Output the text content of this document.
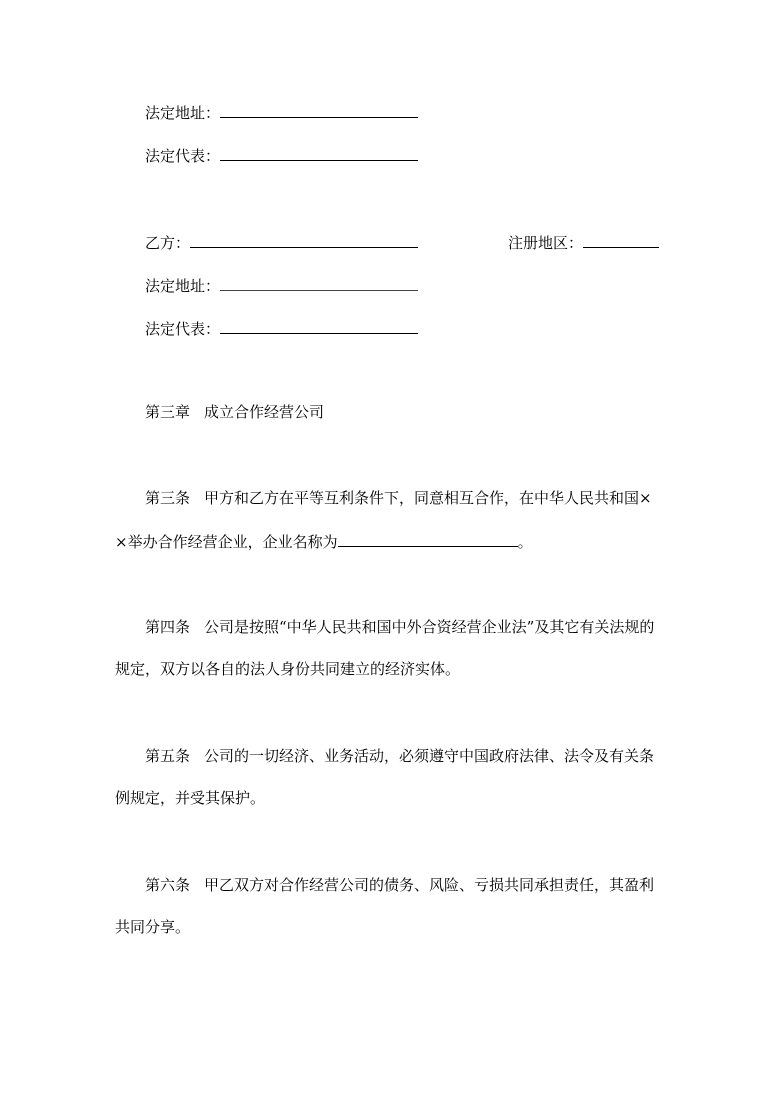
法定地址：
法定代表：
乙方：	注册地区：
法定地址：
法定代表：
第三章 成立合作经营公司
第三条 甲方和乙方在平等互利条件下，同意相互合作，在中华人民共和国×
×举办合作经营企业，企业名称为	。
第四条 公司是按照“中华人民共和国中外合资经营企业法”及其它有关法规的
规定，双方以各自的法人身份共同建立的经济实体。
第五条 公司的一切经济、业务活动，必须遵守中国政府法律、法令及有关条
例规定，并受其保护。
第六条 甲乙双方对合作经营公司的债务、风险、亏损共同承担责任，其盈利
共同分享。
